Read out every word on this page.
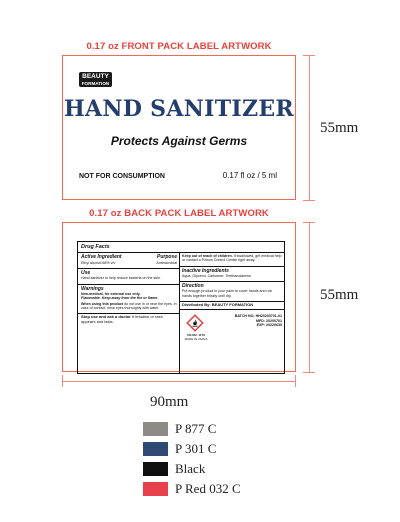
0.17 oz FRONT PACK LABEL ARTWORK
BEAUTY
FORMATION
HAND SANITIZER
Protects Against Germs
NOT FOR CONSUMPTION	0.17 fl oz / 5 ml
55mm
0.17 oz BACK PACK LABEL ARTWORK
Drug Facts
Active Ingredient	Purpose
Ethyl alcohol 68% v/v	Antimicrobial
Use
Hand sanitizer to help reduce bacteria on the skin.
Warnings
Non-medical, for external use only.
Flammable. Keep away from the fire or flame.
When using this product do not use in or near the eyes. In case of contact, rinse eyes thoroughly with water.
Stop use and ask a doctor if irritation or rash appears and lasts.
Keep out of reach of children. If swallowed, get medical help or contact a Poison Control Centre right away.
Inactive Ingredients
Aqua, Glycerol, Carbomer, Triethanolamine.
Direction
Put enough product in your palm to cover hands and rub hands together briskly until dry.
Distributed By: BEAUTY FORMATION
UN NO. 1170
MADE IN CHINA
BATCH NO: HH20200701-01
MFD: 20200701
EXP: 20220630
55mm
90mm
P 877 C
P 301 C
Black
P Red 032 C
